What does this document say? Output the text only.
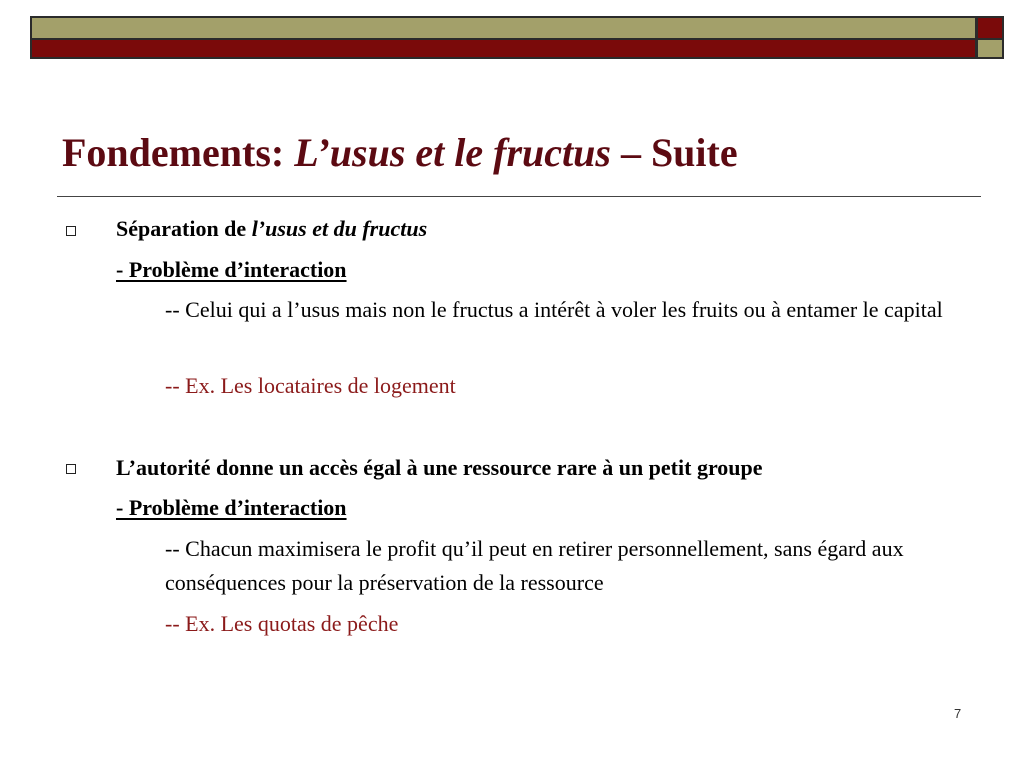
Fondements: L’usus et le fructus – Suite
Séparation de l’usus et du fructus
- Problème d’interaction
-- Celui qui a l’usus mais non le fructus a intérêt à voler les fruits ou à entamer le capital
-- Ex. Les locataires de logement
L’autorité donne un accès égal à une ressource rare à un petit groupe
- Problème d’interaction
-- Chacun maximisera le profit qu’il peut en retirer personnellement, sans égard aux conséquences pour la préservation de la ressource
-- Ex. Les quotas de pêche
7
